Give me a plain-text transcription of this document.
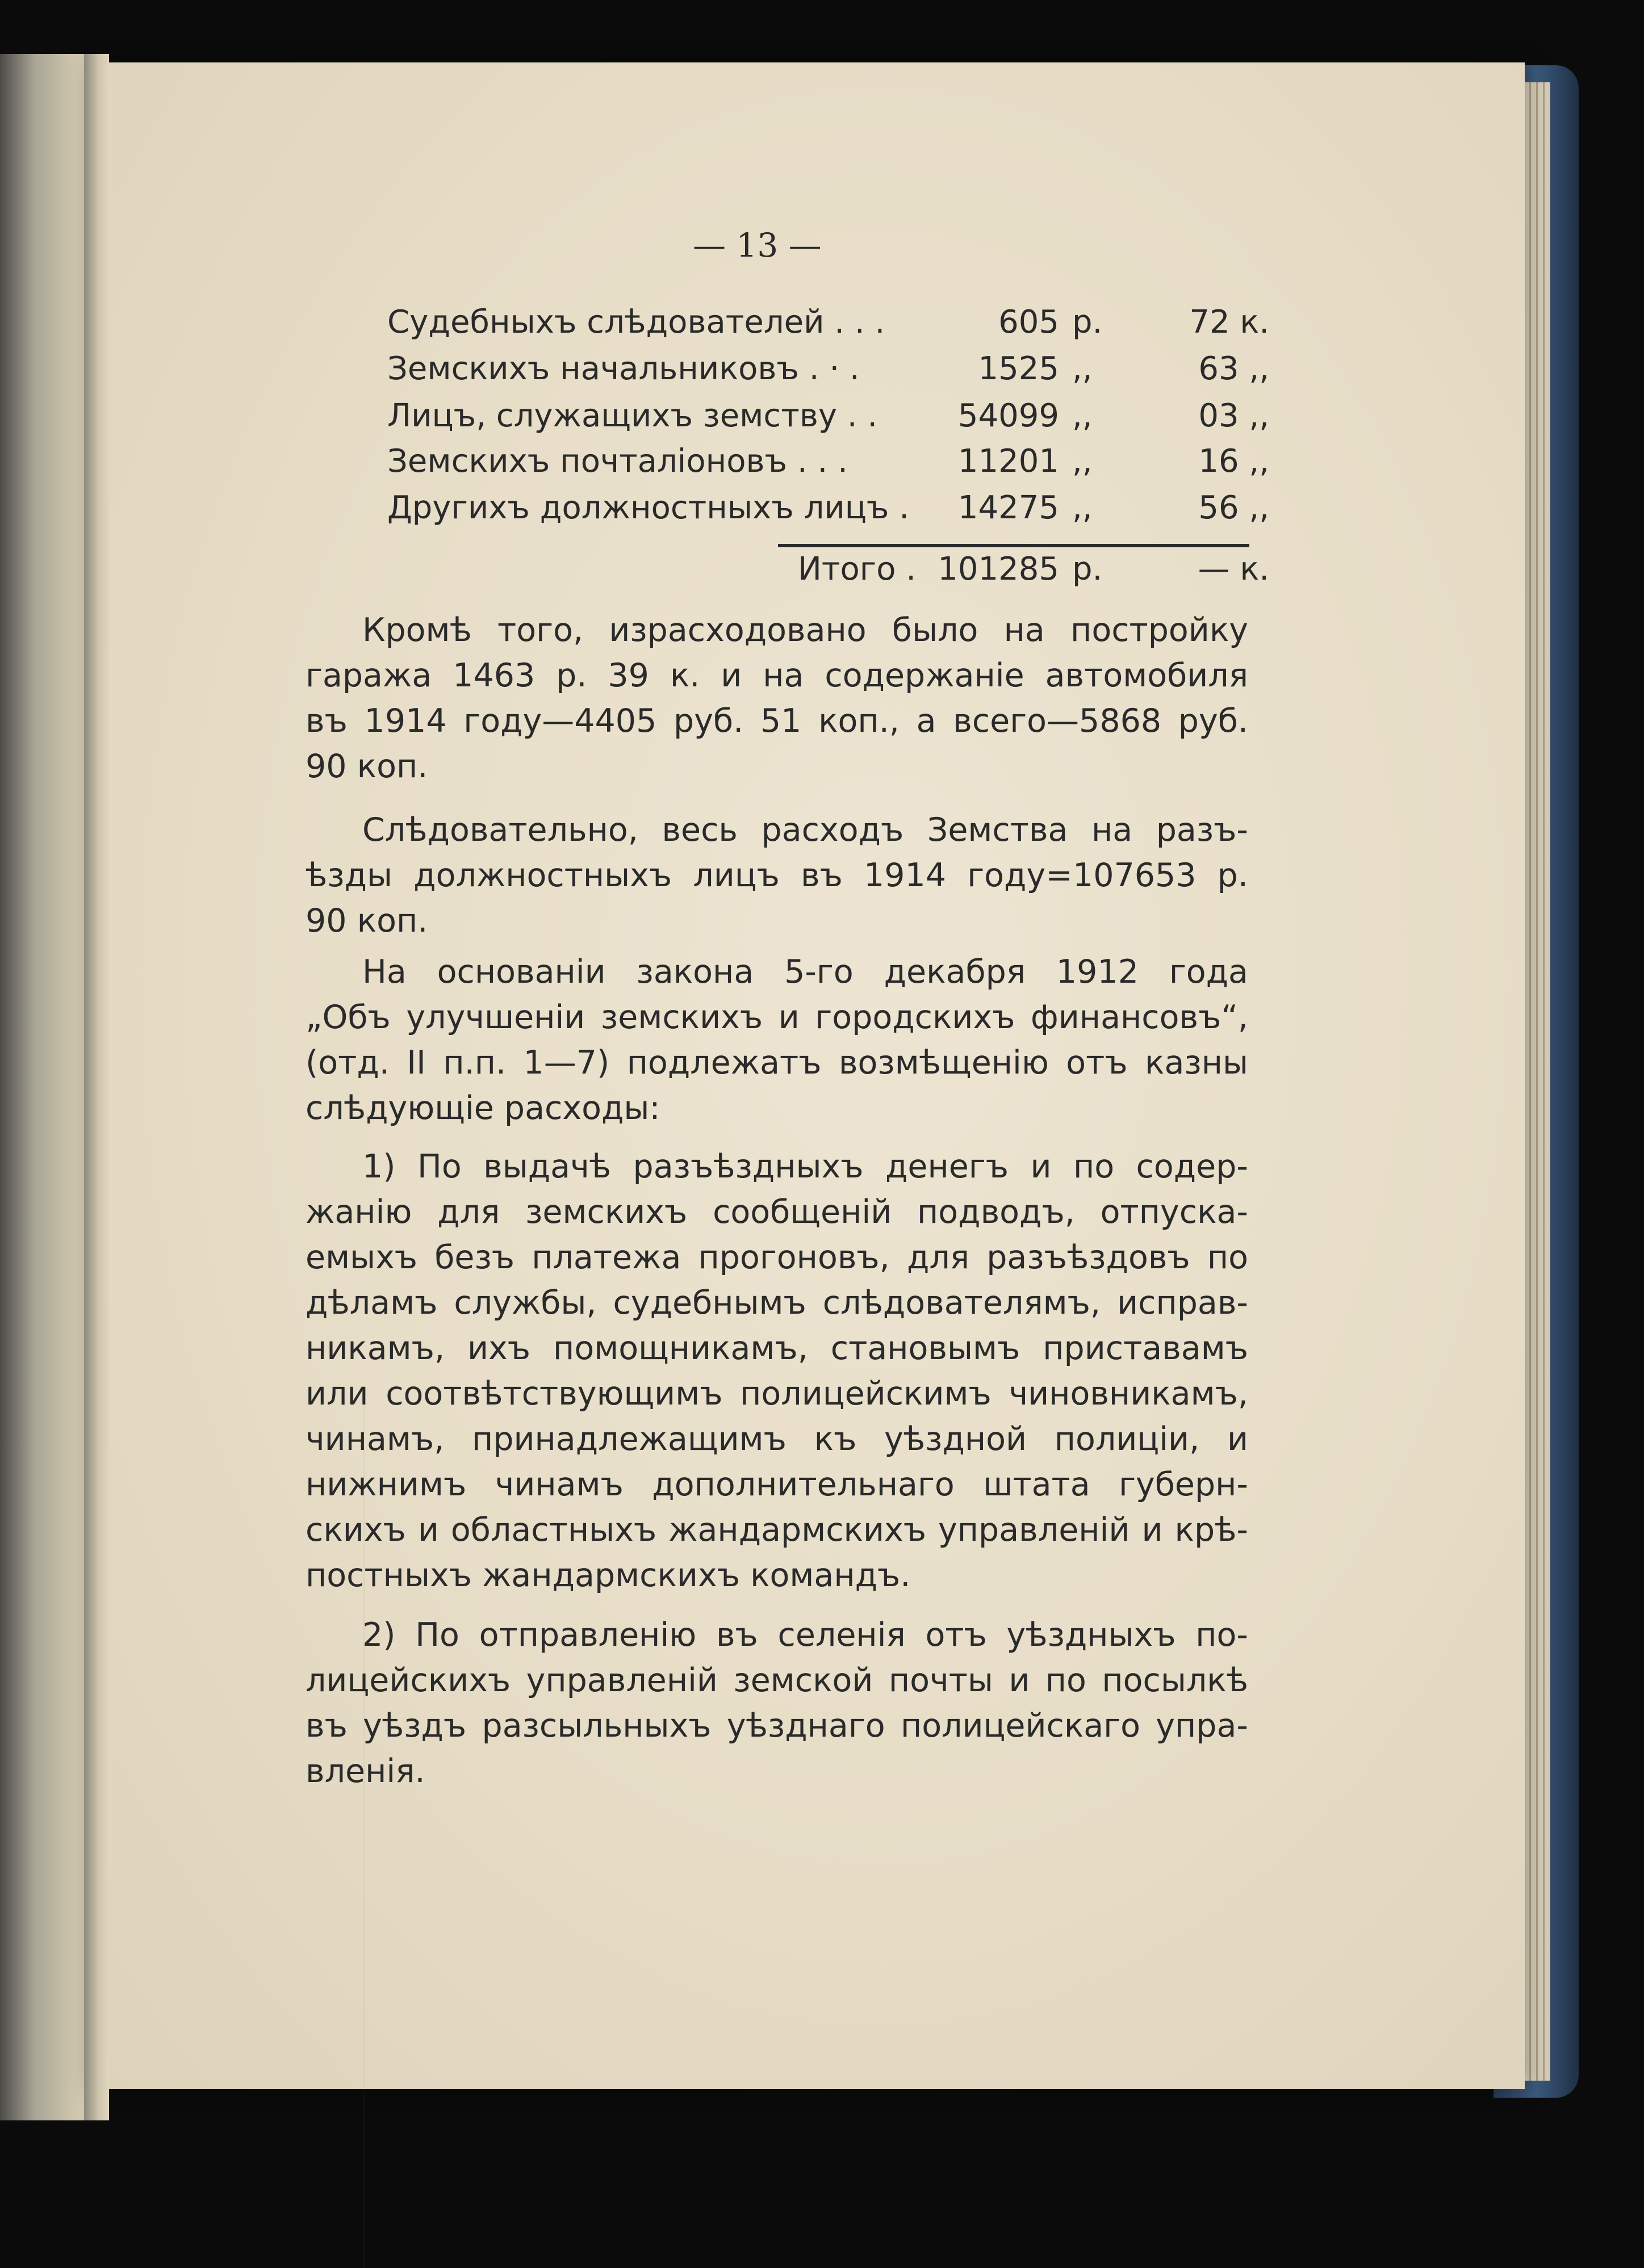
— 13 —
Судебныхъ слѣдователей . . .	605 р.	72 к.
Земскихъ начальниковъ . · .	1525 ,,	63 ,,
Лицъ, служащихъ земству . .	54099 ,,	03 ,,
Земскихъ почталіоновъ . . .	11201 ,,	16 ,,
Другихъ должностныхъ лицъ . 14275 ,,	56 ,,
Итого . 101285 р.	— к.
Кромѣ того, израсходовано было на постройку
гаража 1463 р. 39 к. и на содержаніе автомобиля
въ 1914 году—4405 руб. 51 коп., а всего—5868 руб.
90 коп.
Слѣдовательно, весь расходъ Земства на разъ-
ѣзды должностныхъ лицъ въ 1914 году=107653 р.
90 коп.
На основаніи закона 5-го декабря 1912 года
„Объ улучшеніи земскихъ и городскихъ финансовъ“,
(отд. II п.п. 1—7) подлежатъ возмѣщенію отъ казны
слѣдующіе расходы:
1) По выдачѣ разъѣздныхъ денегъ и по содер-
жанію для земскихъ сообщеній подводъ, отпуска-
емыхъ безъ платежа прогоновъ, для разъѣздовъ по
дѣламъ службы, судебнымъ слѣдователямъ, исправ-
никамъ, ихъ помощникамъ, становымъ приставамъ
или соотвѣтствующимъ полицейскимъ чиновникамъ,
чинамъ, принадлежащимъ къ уѣздной полиціи, и
нижнимъ чинамъ дополнительнаго штата губерн-
скихъ и областныхъ жандармскихъ управленій и крѣ-
постныхъ жандармскихъ командъ.
2) По отправленію въ селенія отъ уѣздныхъ по-
лицейскихъ управленій земской почты и по посылкѣ
въ уѣздъ разсыльныхъ уѣзднаго полицейскаго упра-
вленія.
